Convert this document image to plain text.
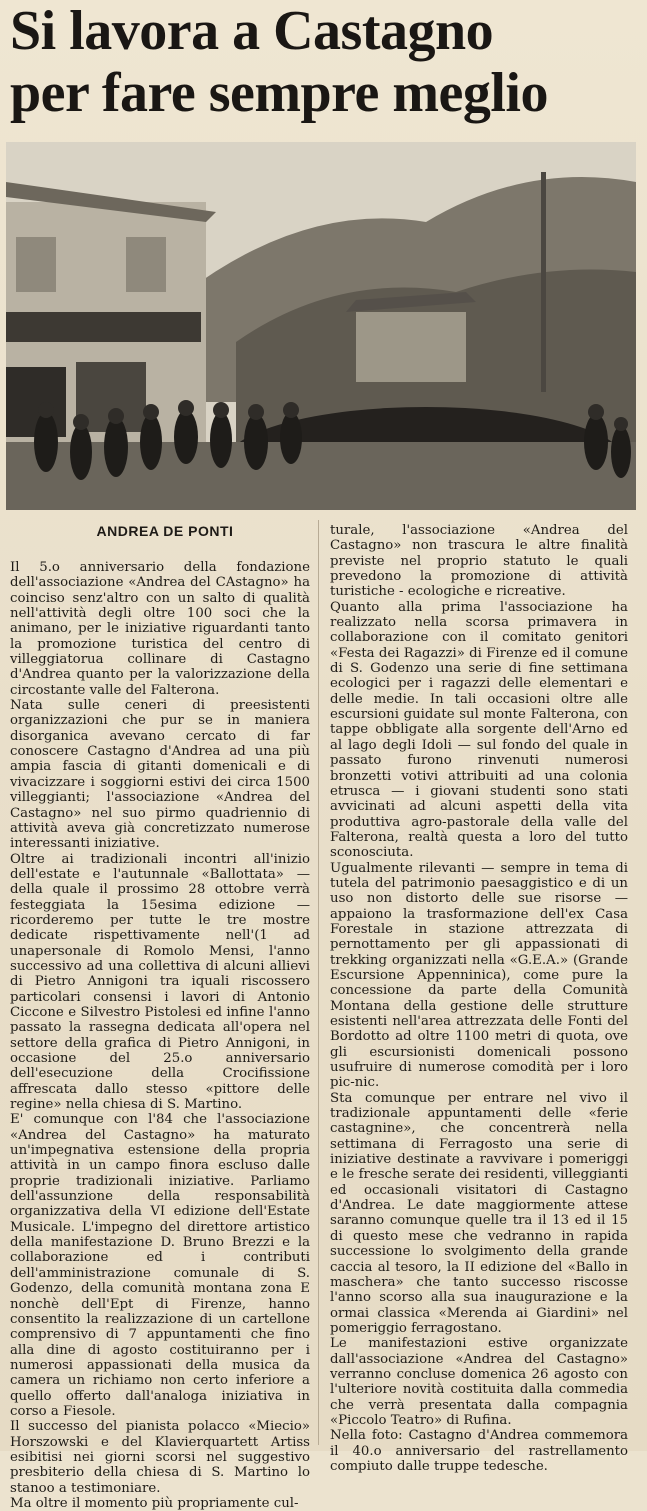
Si lavora a Castagno
per fare sempre meglio
ANDREA DE PONTI

Il 5.o anniversario della fondazione dell'associazione «Andrea del CAstagno» ha coinciso senz'altro con un salto di qualità nell'attività degli oltre 100 soci che la animano, per le iniziative riguardanti tanto la promozione turistica del centro di villeggiatorua collinare di Castagno d'Andrea quanto per la valorizzazione della circostante valle del Falterona.

Nata sulle ceneri di preesistenti organizzazioni che pur se in maniera disorganica avevano cercato di far conoscere Castagno d'Andrea ad una più ampia fascia di gitanti domenicali e di vivacizzare i soggiorni estivi dei circa 1500 villeggianti; l'associazione «Andrea del Castagno» nel suo pirmo quadriennio di attività aveva già concretizzato numerose interessanti iniziative.

Oltre ai tradizionali incontri all'inizio dell'estate e l'autunnale «Ballottata» — della quale il prossimo 28 ottobre verrà festeggiata la 15esima edizione — ricorderemo per tutte le tre mostre dedicate rispettivamente nell'(1 ad unapersonale di Romolo Mensi, l'anno successivo ad una collettiva di alcuni allievi di Pietro Annigoni tra iquali riscossero particolari consensi i lavori di Antonio Ciccone e Silvestro Pistolesi ed infine l'anno passato la rassegna dedicata all'opera nel settore della grafica di Pietro Annigoni, in occasione del 25.o anniversario dell'esecuzione della Crocifissione affrescata dallo stesso «pittore delle regine» nella chiesa di S. Martino.

E' comunque con l'84 che l'associazione «Andrea del Castagno» ha maturato un'impegnativa estensione della propria attività in un campo finora escluso dalle proprie tradizionali iniziative. Parliamo dell'assunzione della responsabilità organizzativa della VI edizione dell'Estate Musicale. L'impegno del direttore artistico della manifestazione D. Bruno Brezzi e la collaborazione ed i contributi dell'amministrazione comunale di S. Godenzo, della comunità montana zona E nonchè dell'Ept di Firenze, hanno consentito la realizzazione di un cartellone comprensivo di 7 appuntamenti che fino alla dine di agosto costituiranno per i numerosi appassionati della musica da camera un richiamo non certo inferiore a quello offerto dall'analoga iniziativa in corso a Fiesole.

Il successo del pianista polacco «Miecio» Horszowski e del Klavierquartett Artiss esibitisi nei giorni scorsi nel suggestivo presbiterio della chiesa di S. Martino lo stanoo a testimoniare.

Ma oltre il momento più propriamente cul-

turale, l'associazione «Andrea del Castagno» non trascura le altre finalità previste nel proprio statuto le quali prevedono la promozione di attività turistiche - ecologiche e ricreative.

Quanto alla prima l'associazione ha realizzato nella scorsa primavera in collaborazione con il comitato genitori «Festa dei Ragazzi» di Firenze ed il comune di S. Godenzo una serie di fine settimana ecologici per i ragazzi delle elementari e delle medie. In tali occasioni oltre alle escursioni guidate sul monte Falterona, con tappe obbligate alla sorgente dell'Arno ed al lago degli Idoli — sul fondo del quale in passato furono rinvenuti numerosi bronzetti votivi attribuiti ad una colonia etrusca — i giovani studenti sono stati avvicinati ad alcuni aspetti della vita produttiva agro-pastorale della valle del Falterona, realtà questa a loro del tutto sconosciuta.

Ugualmente rilevanti — sempre in tema di tutela del patrimonio paesaggistico e di un uso non distorto delle sue risorse — appaiono la trasformazione dell'ex Casa Forestale in stazione attrezzata di pernottamento per gli appassionati di trekking organizzati nella «G.E.A.» (Grande Escursione Appenninica), come pure la concessione da parte della Comunità Montana della gestione delle strutture esistenti nell'area attrezzata delle Fonti del Bordotto ad oltre 1100 metri di quota, ove gli escursionisti domenicali possono usufruire di numerose comodità per i loro pic-nic.

Sta comunque per entrare nel vivo il tradizionale appuntamenti delle «ferie castagnine», che concentrerà nella settimana di Ferragosto una serie di iniziative destinate a ravvivare i pomeriggi e le fresche serate dei residenti, villeggianti ed occasionali visitatori di Castagno d'Andrea. Le date maggiormente attese saranno comunque quelle tra il 13 ed il 15 di questo mese che vedranno in rapida successione lo svolgimento della grande caccia al tesoro, la II edizione del «Ballo in maschera» che tanto successo riscosse l'anno scorso alla sua inaugurazione e la ormai classica «Merenda ai Giardini» nel pomeriggio ferragostano.

Le manifestazioni estive organizzate dall'associazione «Andrea del Castagno» verranno concluse domenica 26 agosto con l'ulteriore novità costituita dalla commedia che verrà presentata dalla compagnia «Piccolo Teatro» di Rufina.

Nella foto: Castagno d'Andrea commemora il 40.o anniversario del rastrellamento compiuto dalle truppe tedesche.
